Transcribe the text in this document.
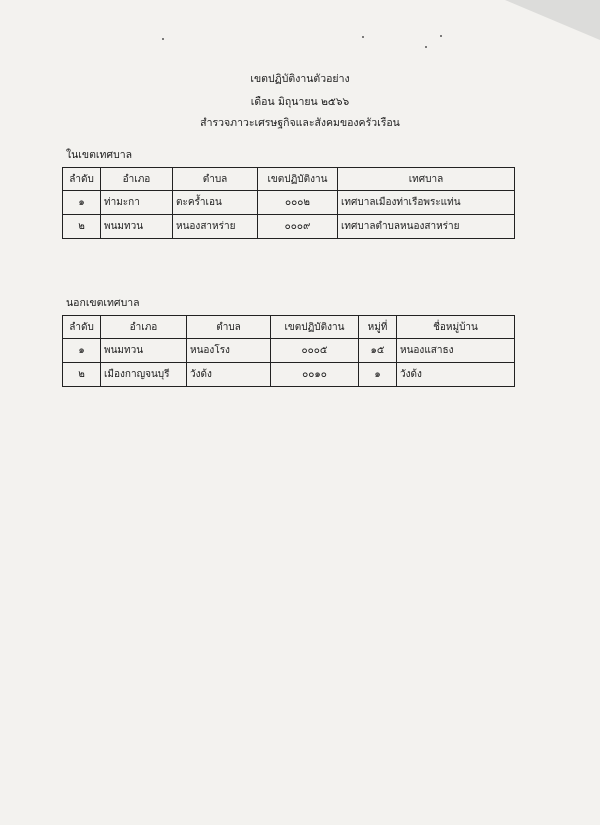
เขตปฏิบัติงานตัวอย่าง
เดือน มิถุนายน ๒๕๖๖
สำรวจภาวะเศรษฐกิจและสังคมของครัวเรือน
ในเขตเทศบาล
ลำดับ	อำเภอ	ตำบล	เขตปฏิบัติงาน	เทศบาล
๑	ท่ามะกา	ตะคร้ำเอน	๐๐๐๒	เทศบาลเมืองท่าเรือพระแท่น
๒	พนมทวน	หนองสาหร่าย	๐๐๐๙	เทศบาลตำบลหนองสาหร่าย
นอกเขตเทศบาล
ลำดับ	อำเภอ	ตำบล	เขตปฏิบัติงาน	หมู่ที่	ชื่อหมู่บ้าน
๑	พนมทวน	หนองโรง	๐๐๐๕	๑๕	หนองแสาธง
๒	เมืองกาญจนบุรี	วังด้ง	๐๐๑๐	๑	วังด้ง
